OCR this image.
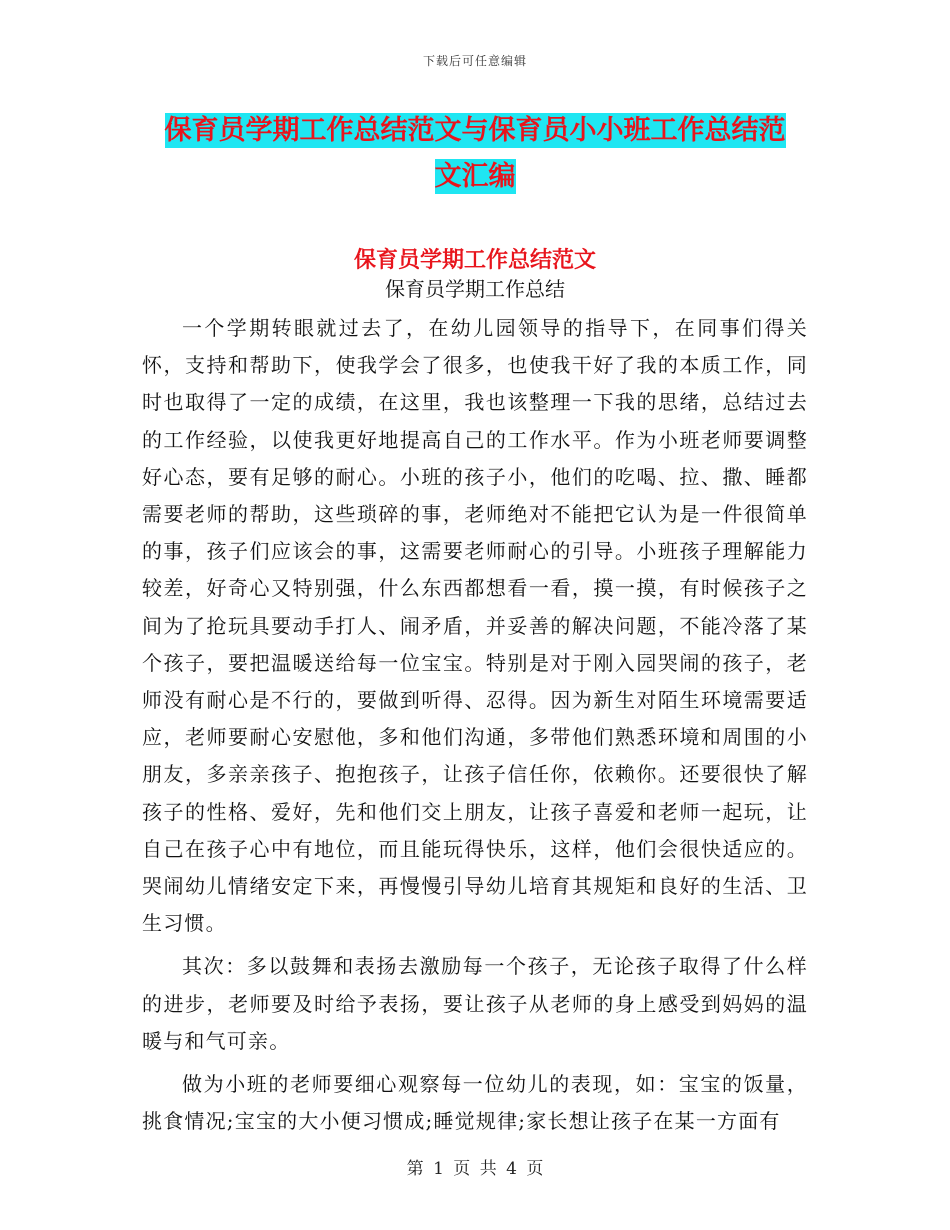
下载后可任意编辑
保育员学期工作总结范文与保育员小小班工作总结范
文汇编
保育员学期工作总结范文
保育员学期工作总结

一个学期转眼就过去了，在幼儿园领导的指导下，在同事们得关怀，支持和帮助下，使我学会了很多，也使我干好了我的本质工作，同时也取得了一定的成绩，在这里，我也该整理一下我的思绪，总结过去的工作经验，以使我更好地提高自己的工作水平。作为小班老师要调整好心态，要有足够的耐心。小班的孩子小，他们的吃喝、拉、撒、睡都需要老师的帮助，这些琐碎的事，老师绝对不能把它认为是一件很简单的事，孩子们应该会的事，这需要老师耐心的引导。小班孩子理解能力较差，好奇心又特别强，什么东西都想看一看，摸一摸，有时候孩子之间为了抢玩具要动手打人、闹矛盾，并妥善的解决问题，不能冷落了某个孩子，要把温暖送给每一位宝宝。特别是对于刚入园哭闹的孩子，老师没有耐心是不行的，要做到听得、忍得。因为新生对陌生环境需要适应，老师要耐心安慰他，多和他们沟通，多带他们熟悉环境和周围的小朋友，多亲亲孩子、抱抱孩子，让孩子信任你，依赖你。还要很快了解孩子的性格、爱好，先和他们交上朋友，让孩子喜爱和老师一起玩，让自己在孩子心中有地位，而且能玩得快乐，这样，他们会很快适应的。哭闹幼儿情绪安定下来，再慢慢引导幼儿培育其规矩和良好的生活、卫生习惯。

其次：多以鼓舞和表扬去激励每一个孩子，无论孩子取得了什么样的进步，老师要及时给予表扬，要让孩子从老师的身上感受到妈妈的温暖与和气可亲。

做为小班的老师要细心观察每一位幼儿的表现，如：宝宝的饭量，挑食情况;宝宝的大小便习惯成;睡觉规律;家长想让孩子在某一方面有

第 1 页 共 4 页
